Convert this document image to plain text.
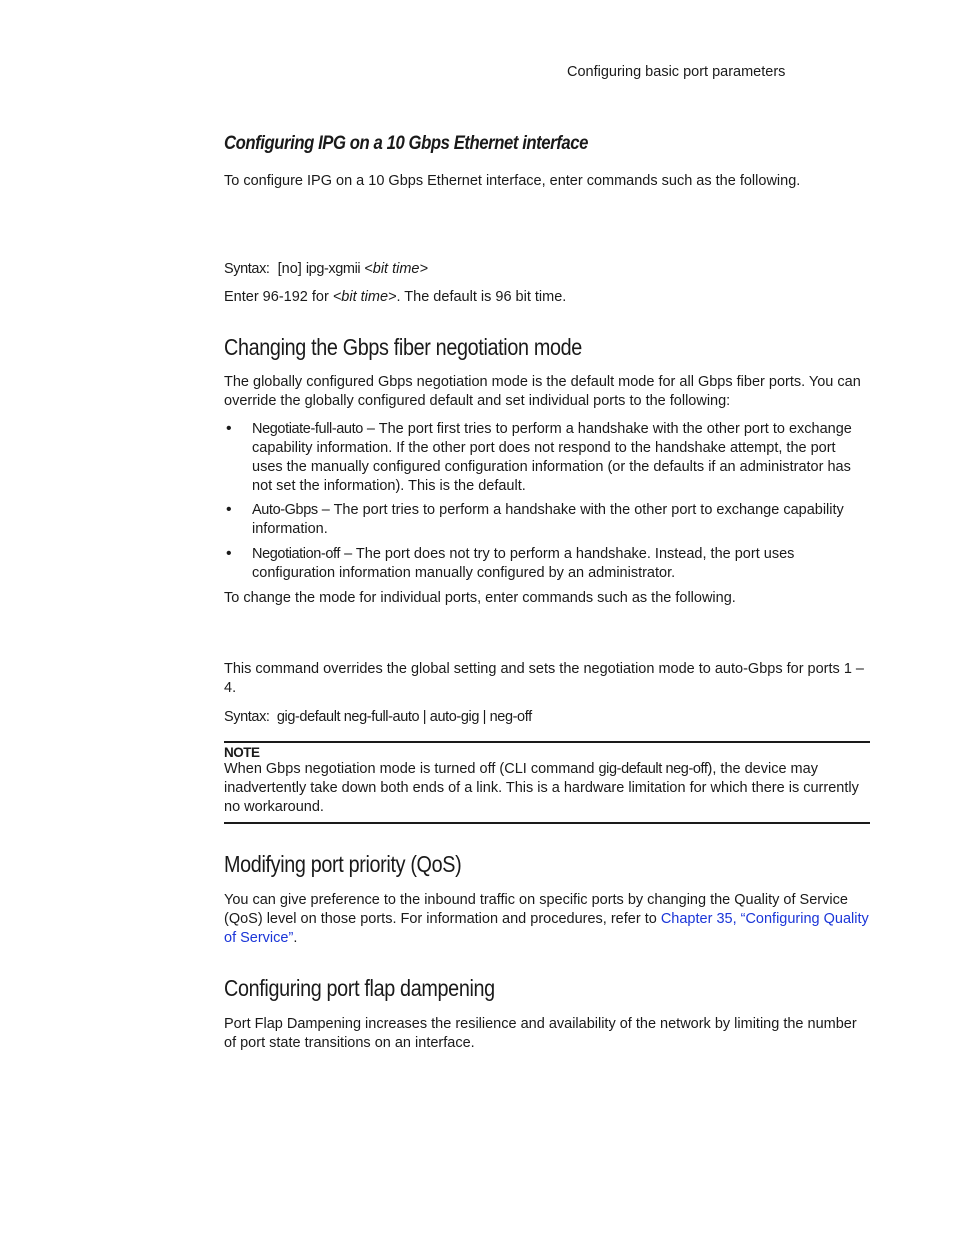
Configuring basic port parameters
Configuring IPG on a 10 Gbps Ethernet interface

To configure IPG on a 10 Gbps Ethernet interface, enter commands such as the following.

Syntax: [no] ipg-xgmii <bit time>

Enter 96-192 for <bit time>. The default is 96 bit time.

Changing the Gbps fiber negotiation mode

The globally configured Gbps negotiation mode is the default mode for all Gbps fiber ports. You can override the globally configured default and set individual ports to the following:

• Negotiate-full-auto – The port first tries to perform a handshake with the other port to exchange capability information. If the other port does not respond to the handshake attempt, the port uses the manually configured configuration information (or the defaults if an administrator has not set the information). This is the default.
• Auto-Gbps – The port tries to perform a handshake with the other port to exchange capability information.
• Negotiation-off – The port does not try to perform a handshake. Instead, the port uses configuration information manually configured by an administrator.

To change the mode for individual ports, enter commands such as the following.

This command overrides the global setting and sets the negotiation mode to auto-Gbps for ports 1 – 4.

Syntax: gig-default neg-full-auto | auto-gig | neg-off

NOTE

When Gbps negotiation mode is turned off (CLI command gig-default neg-off), the device may inadvertently take down both ends of a link. This is a hardware limitation for which there is currently no workaround.

Modifying port priority (QoS)

You can give preference to the inbound traffic on specific ports by changing the Quality of Service (QoS) level on those ports. For information and procedures, refer to Chapter 35, “Configuring Quality of Service”.

Configuring port flap dampening

Port Flap Dampening increases the resilience and availability of the network by limiting the number of port state transitions on an interface.
